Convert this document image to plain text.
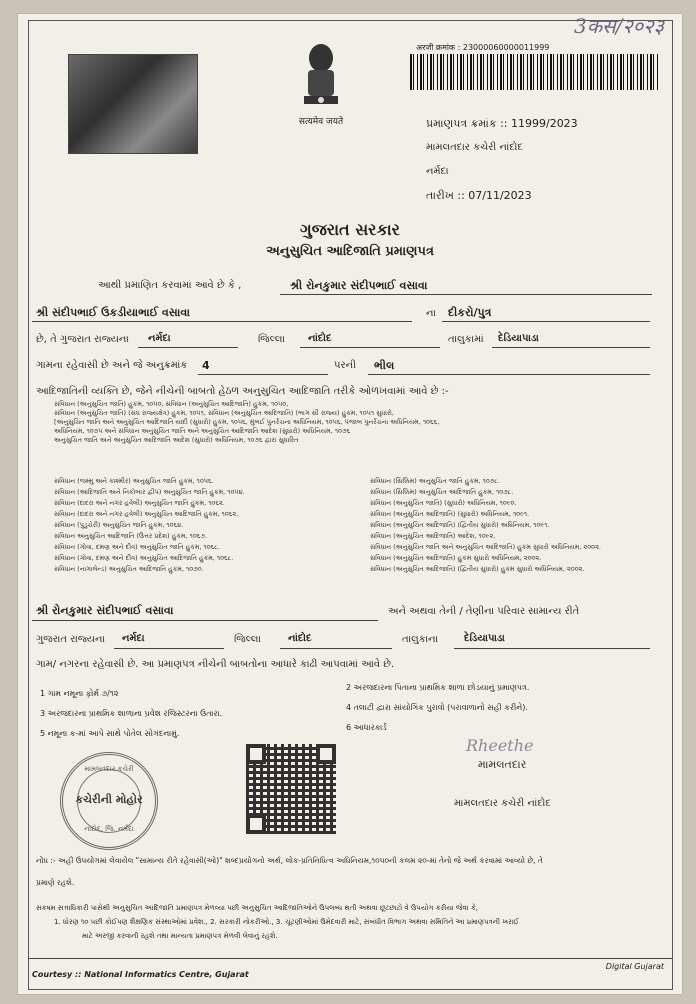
3कस/२०२३
सत्यमेव जयते
अरजी क्रमांक : 23000060000011999
પ્રમાણપત્ર ક્રમાંક :: 11999/2023
મામલતદાર કચેરી નાંદોદ
નર્મદા
તારીખ :: 07/11/2023
ગુજરાત સરકાર
અનુસુચિત આદિજાતિ પ્રમાણપત્ર
આથી પ્રમાણિત કરવામાં આવે છે કે ,	શ્રી રોનકુમાર સંદીપભાઈ વસાવા
શ્રી સંદીપભાઈ ઉકડીયાભાઈ વસાવા	ના દીકરો/પુત્ર
છે, તે ગુજરાત રાજ્યના નર્મદા	જિલ્લા નાંદોદ	તાલુકામાં દેડિયાપાડા
ગામના રહેવાસી છે અને જે અનુક્રમાંક 4	પરની ભીલ
આદિજાતિની વ્યક્તિ છે, જેને નીચેની બાબતો હેઠળ અનુસુચિત આદિજાતિ તરીકે ઓળખવામાં આવે છે :-
સંવિધાન (અનુસુચિત જાતિ) હુકમ, ૧૦૫૦, સંવિધાન (અનુસુચિત આદિજાતિ) હુકમ, ૧૦૫૦,
સંવિધાન (અનુસુચિત જાતિ) (સંધ રાજ્યક્ષેત્ર) હુકમ, ૧૦૫૧, સંવિધાન (અનુસુચિત આદિજાતિ) (ભાગ સી રાજ્ય) હુકમ, ૧૦૫૧ સુધારો,
[અનુસુચિત જાતિ અને અનુસુચિત આદિજાતિ યાદી (સુધારો) હુકમ, ૧૦૫૬, મુંબઈ પુનર્રચના અધિનિયમ, ૧૦૫૬, પંજાબ પુનર્રચના અધિનિયમ, ૧૦૬૬,
અધિનિયમ, ૧૦૭૫ અને સંવિધાન અનુસુચિત જાતિ અને અનુસુચિત આદિજાતિ આદેશ (સુધારો) અધિનિયમ, ૧૦૭૬
અનુસુચિત જાતિ અને અનુસુચિત આદિજાતિ આદેશ (સુધારો) અધિનિયમ, ૧૦૭૬ દ્વારા સુધારિત
સંવિધાન (જમ્મુ અને કાશ્મીર) અનુસુચિત જાતિ હુકમ, ૧૦૫૬.
સંવિધાન (આદિજાતિ અને નિકોબાર દ્વીપ) અનુસુચિત જાતિ હુકમ, ૧૦૫૪.
સંવિધાન (દાદરા અને નગર હવેલી) અનુસુચિત જાતિ હુકમ, ૧૦૬૨.
સંવિધાન (દાદરા અને નગર હવેલી) અનુસુચિત આદિજાતિ હુકમ, ૧૦૬૨.
સંવિધાન (પુડુચેરી) અનુસુચિત જાતિ હુકમ, ૧૦૬૪.
સંવિધાન અનુસુચિત આદિજાતિ (ઉત્તર પ્રદેશ) હુકમ, ૧૦૬૭.
સંવિધાન (ગોવા, દમણ અને દીવ) અનુસુચિત જાતિ હુકમ, ૧૦૬૮.
સંવિધાન (ગોવા, દમણ અને દીવ) અનુસુચિત આદિજાતિ હુકમ, ૧૦૬૮.
સંવિધાન (નાગાલેન્ડ) અનુસુચિત આદિજાતિ હુકમ, ૧૦૭૦.
સંવિધાન (સિક્કિમ) અનુસુચિત જાતિ હુકમ, ૧૦૭૮.
સંવિધાન (સિક્કિમ) અનુસુચિત આદિજાતિ હુકમ, ૧૦૭૮.
સંવિધાન (અનુસુચિત જાતિ) (સુધારો) અધિનિયમ, ૧૦૯૦.
સંવિધાન (અનુસુચિત આદિજાતિ) (સુધારો) અધિનિયમ, ૧૦૯૧.
સંવિધાન (અનુસુચિત આદિજાતિ) (દ્વિતીય સુધારો) અધિનિયમ, ૧૦૯૧.
સંવિધાન (અનુસુચિત આદિજાતિ) આદેશ, ૧૦૯૨.
સંવિધાન (અનુસુચિત જાતિ અને અનુસુચિત આદિજાતિ) હુકમ સુધારો અધિનિયમ, ૨૦૦૨.
સંવિધાન (અનુસુચિત આદિજાતિ) હુકમ સુધારો અધિનિયમ, ૨૦૦૨.
સંવિધાન (અનુસુચિત આદિજાતિ) (દ્વિતીય સુધારો) હુકમ સુધારો અધિનિયમ, ૨૦૦૨.
શ્રી રોનકુમાર સંદીપભાઈ વસાવા	અને અથવા તેની / તેણીના પરિવાર સામાન્ય રીતે
ગુજરાત રાજ્યના નર્મદા	જિલ્લા	નાંદોદ	તાલુકાના	દેડિયાપાડા
ગામ/ નગરના રહેવાસી છે. આ પ્રમાણપત્ર નીચેની બાબતોના આધારે કાઢી આપવામાં આવે છે.
1 ગામ નમૂના ફોર્મ ૭/૧૨
3 અરજદારના પ્રાથમિક શાળાના પ્રવેશ રજિસ્ટરના ઉતારા.
5 નમૂના ક-માં આપે સાથે પોતેલ સોગંદનામું.
2 અરજદારના પિતાના પ્રાથમિક શાળા છોડયાનું પ્રમાણપત્ર.
4 તલાટી દ્વારા સાંયોગિક પુરાવો (પરાવાળાનો સહી કરીને).
6 આધારકાર્ડ
મામલતદાર કચેરી
કચેરીની મોહોર
નાંદોદ, જિ. નર્મદા
Rheethe
મામલતદાર
મામલતદાર કચેરી નાંદોદ
નોંધ :- અહીં ઉપયોગમાં લેવાયેલ "સામાન્ય રીતે રહેવાસી(ઓ)" શબ્દપ્રયોગનો અર્થ, લોક-પ્રતિનિધિત્વ અધિનિયમ,૧૦૫૦ની કલમ ૨૦-માં તેનો જે અર્થ કરવામાં આવ્યો છે, તે
પ્રમાણે રહશે.
સકષમ સત્તાધિકારી પાસેથી અનુસુચિત આદિજાતિ પ્રમાણપત્ર મેળવ્યા પછી અનુસુચિત આદિજાતિઓને ઉપલબ્ધ થતી અથવા છૂટછાટો વે ઉપયોગ કરીયા જેવા કે,
1. ધોરણ ૧૦ પછી કોઈપણ શૈક્ષણિક સંસ્થાઓમાં પ્રવેશ., 2. સરકારી નોકરીઓ., 3. ચૂંટણીઓમાં ઉમેદવારી માટે, સંબંધીત વિભાગ અથવા સમિતિને આ પ્રમાણપત્રની ખરાઈ
માટે અરજી કરવાની રહશે તથા માન્યતા પ્રમાણપત્ર મેળવી લેવાનું રહશે.
Courtesy :: National Informatics Centre, Gujarat
Digital Gujarat
